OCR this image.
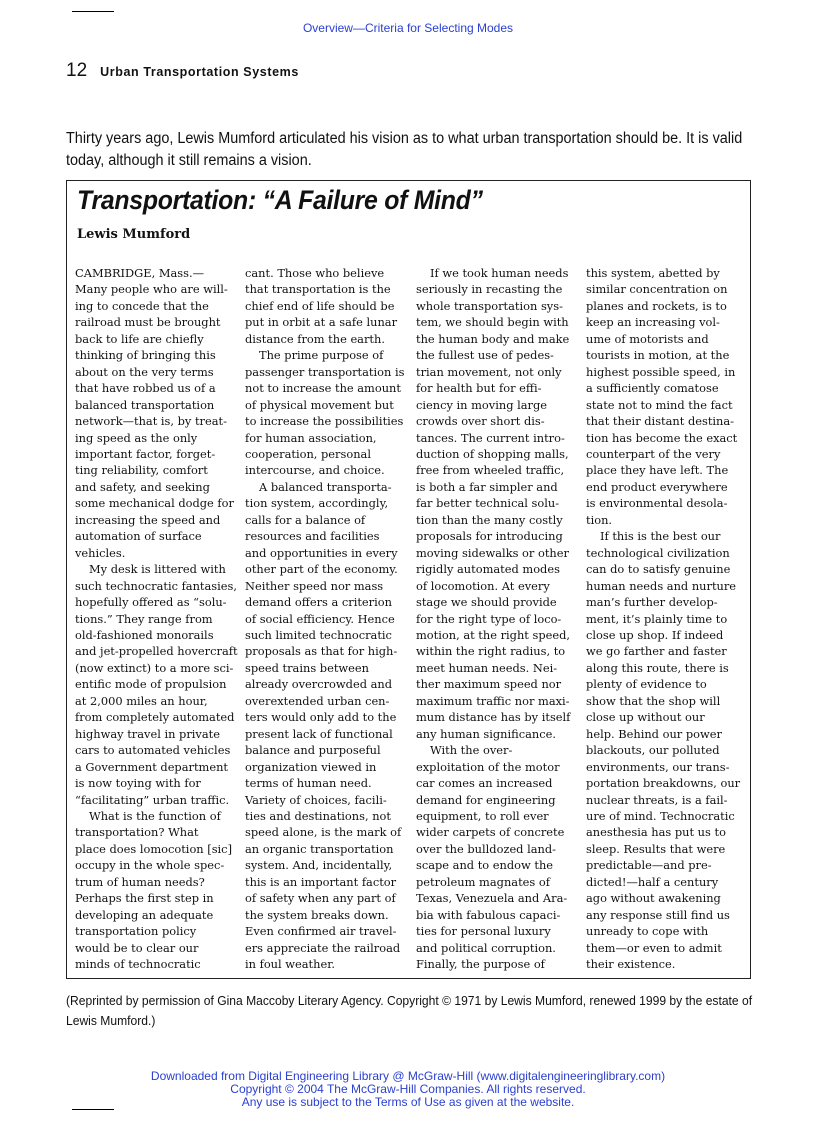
Overview—Criteria for Selecting Modes
12 Urban Transportation Systems
Thirty years ago, Lewis Mumford articulated his vision as to what urban transportation should be. It is valid today, although it still remains a vision.
Transportation: “A Failure of Mind”
Lewis Mumford
CAMBRIDGE, Mass.—
Many people who are will-
ing to concede that the
railroad must be brought
back to life are chiefly
thinking of bringing this
about on the very terms
that have robbed us of a
balanced transportation
network—that is, by treat-
ing speed as the only
important factor, forget-
ting reliability, comfort
and safety, and seeking
some mechanical dodge for
increasing the speed and
automation of surface
vehicles.
My desk is littered with
such technocratic fantasies,
hopefully offered as “solu-
tions.” They range from
old-fashioned monorails
and jet-propelled hovercraft
(now extinct) to a more sci-
entific mode of propulsion
at 2,000 miles an hour,
from completely automated
highway travel in private
cars to automated vehicles
a Government department
is now toying with for
“facilitating” urban traffic.
What is the function of
transportation? What
place does lomocotion [sic]
occupy in the whole spec-
trum of human needs?
Perhaps the first step in
developing an adequate
transportation policy
would be to clear our
minds of technocratic
cant. Those who believe
that transportation is the
chief end of life should be
put in orbit at a safe lunar
distance from the earth.
The prime purpose of
passenger transportation is
not to increase the amount
of physical movement but
to increase the possibilities
for human association,
cooperation, personal
intercourse, and choice.
A balanced transporta-
tion system, accordingly,
calls for a balance of
resources and facilities
and opportunities in every
other part of the economy.
Neither speed nor mass
demand offers a criterion
of social efficiency. Hence
such limited technocratic
proposals as that for high-
speed trains between
already overcrowded and
overextended urban cen-
ters would only add to the
present lack of functional
balance and purposeful
organization viewed in
terms of human need.
Variety of choices, facili-
ties and destinations, not
speed alone, is the mark of
an organic transportation
system. And, incidentally,
this is an important factor
of safety when any part of
the system breaks down.
Even confirmed air travel-
ers appreciate the railroad
in foul weather.
If we took human needs
seriously in recasting the
whole transportation sys-
tem, we should begin with
the human body and make
the fullest use of pedes-
trian movement, not only
for health but for effi-
ciency in moving large
crowds over short dis-
tances. The current intro-
duction of shopping malls,
free from wheeled traffic,
is both a far simpler and
far better technical solu-
tion than the many costly
proposals for introducing
moving sidewalks or other
rigidly automated modes
of locomotion. At every
stage we should provide
for the right type of loco-
motion, at the right speed,
within the right radius, to
meet human needs. Nei-
ther maximum speed nor
maximum traffic nor maxi-
mum distance has by itself
any human significance.
With the over-
exploitation of the motor
car comes an increased
demand for engineering
equipment, to roll ever
wider carpets of concrete
over the bulldozed land-
scape and to endow the
petroleum magnates of
Texas, Venezuela and Ara-
bia with fabulous capaci-
ties for personal luxury
and political corruption.
Finally, the purpose of
this system, abetted by
similar concentration on
planes and rockets, is to
keep an increasing vol-
ume of motorists and
tourists in motion, at the
highest possible speed, in
a sufficiently comatose
state not to mind the fact
that their distant destina-
tion has become the exact
counterpart of the very
place they have left. The
end product everywhere
is environmental desola-
tion.
If this is the best our
technological civilization
can do to satisfy genuine
human needs and nurture
man’s further develop-
ment, it’s plainly time to
close up shop. If indeed
we go farther and faster
along this route, there is
plenty of evidence to
show that the shop will
close up without our
help. Behind our power
blackouts, our polluted
environments, our trans-
portation breakdowns, our
nuclear threats, is a fail-
ure of mind. Technocratic
anesthesia has put us to
sleep. Results that were
predictable—and pre-
dicted!—half a century
ago without awakening
any response still find us
unready to cope with
them—or even to admit
their existence.
(Reprinted by permission of Gina Maccoby Literary Agency. Copyright © 1971 by Lewis Mumford, renewed 1999 by the estate of Lewis Mumford.)
Downloaded from Digital Engineering Library @ McGraw-Hill (www.digitalengineeringlibrary.com)
Copyright © 2004 The McGraw-Hill Companies. All rights reserved.
Any use is subject to the Terms of Use as given at the website.
